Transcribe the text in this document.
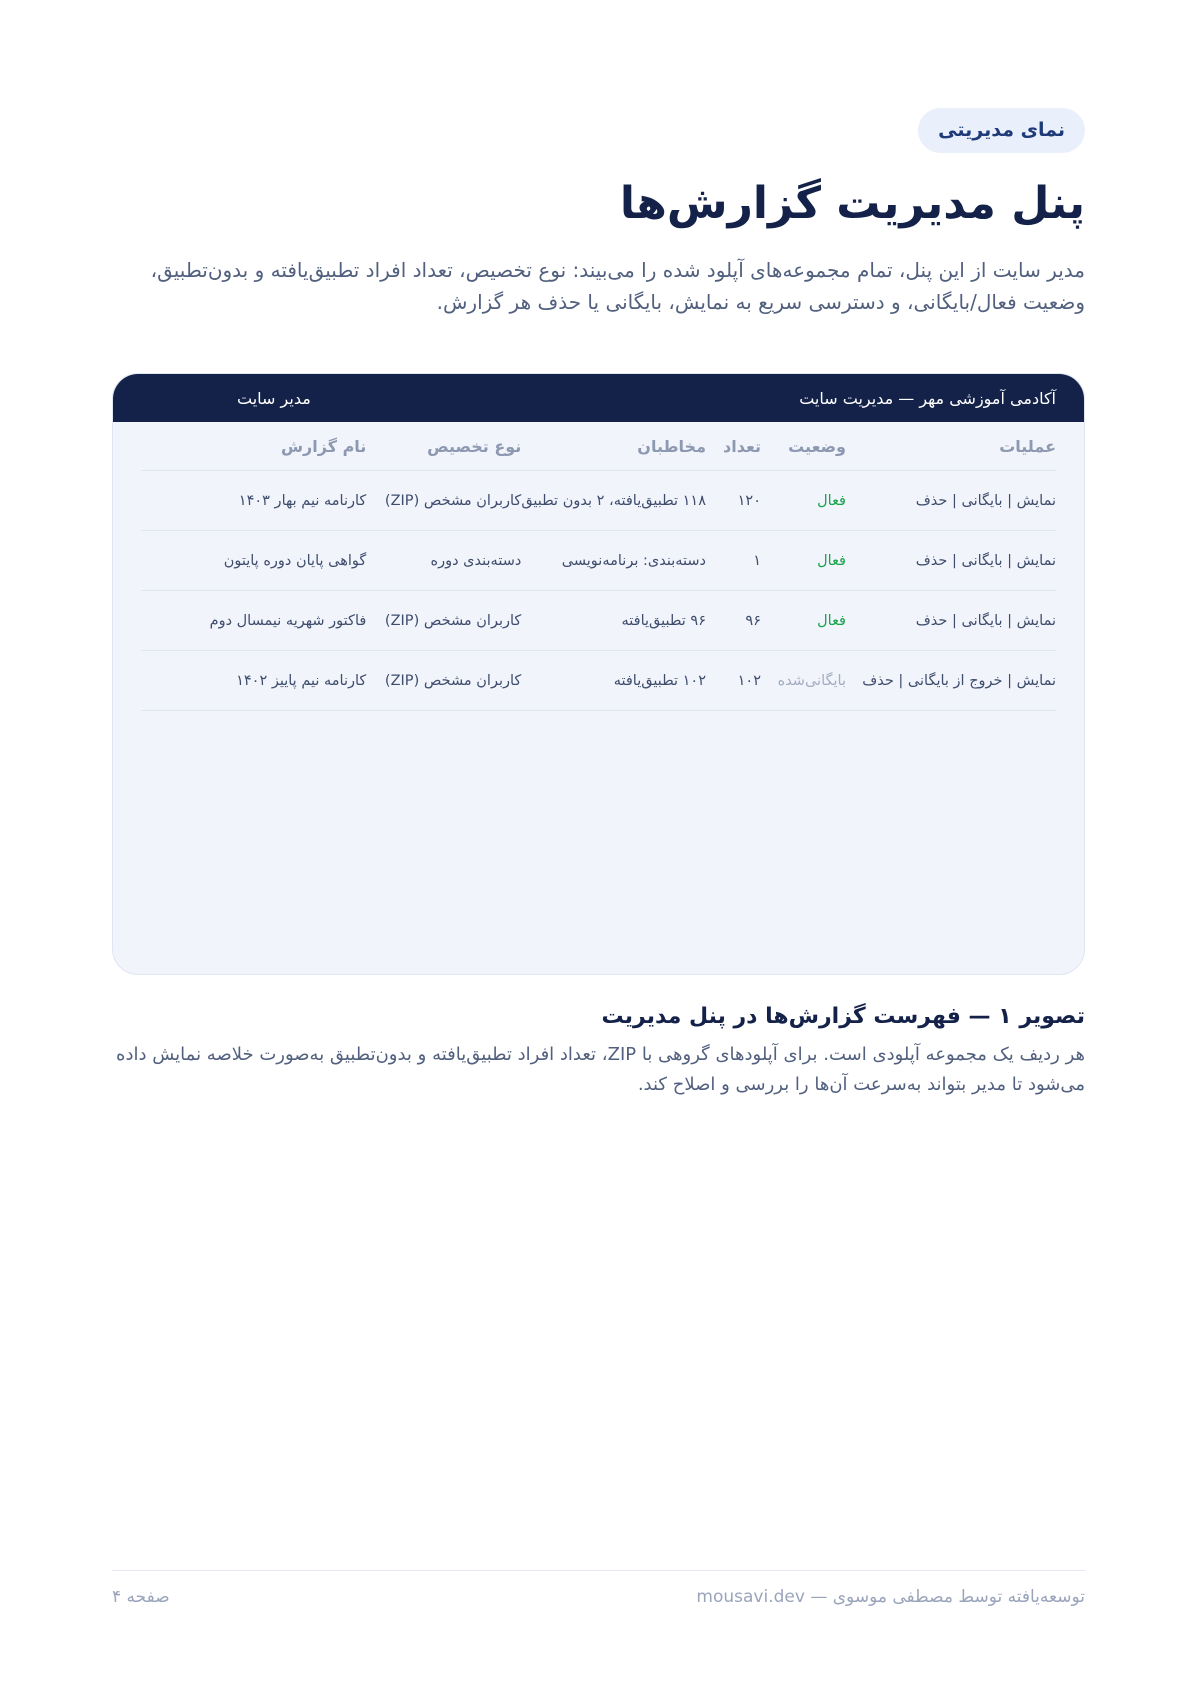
نمای مدیریتی
پنل مدیریت گزارش‌ها

مدیر سایت از این پنل، تمام مجموعه‌های آپلود شده را می‌بیند: نوع تخصیص، تعداد افراد تطبیق‌یافته و بدون‌تطبیق، وضعیت فعال/بایگانی، و دسترسی سریع به نمایش، بایگانی یا حذف هر گزارش.

آکادمی آموزشی مهر — مدیریت سایت
مدیر سایت
عملیات	وضعیت	تعداد	مخاطبان	نوع تخصیص	نام گزارش
نمایش | بایگانی | حذف	فعال	۱۲۰	۱۱۸ تطبیق‌یافته، ۲ بدون تطبیق	کاربران مشخص (ZIP)	کارنامه نیم بهار ۱۴۰۳
نمایش | بایگانی | حذف	فعال	۱	دسته‌بندی: برنامه‌نویسی	دسته‌بندی دوره	گواهی پایان دوره پایتون
نمایش | بایگانی | حذف	فعال	۹۶	۹۶ تطبیق‌یافته	کاربران مشخص (ZIP)	فاکتور شهریه نیمسال دوم
نمایش | خروج از بایگانی | حذف	بایگانی‌شده	۱۰۲	۱۰۲ تطبیق‌یافته	کاربران مشخص (ZIP)	کارنامه نیم پاییز ۱۴۰۲
تصویر ۱ — فهرست گزارش‌ها در پنل مدیریت

هر ردیف یک مجموعه آپلودی است. برای آپلودهای گروهی با ZIP، تعداد افراد تطبیق‌یافته و بدون‌تطبیق به‌صورت خلاصه نمایش داده می‌شود تا مدیر بتواند به‌سرعت آن‌ها را بررسی و اصلاح کند.

توسعه‌یافته توسط مصطفی موسوی — mousavi.dev
صفحه ۴
